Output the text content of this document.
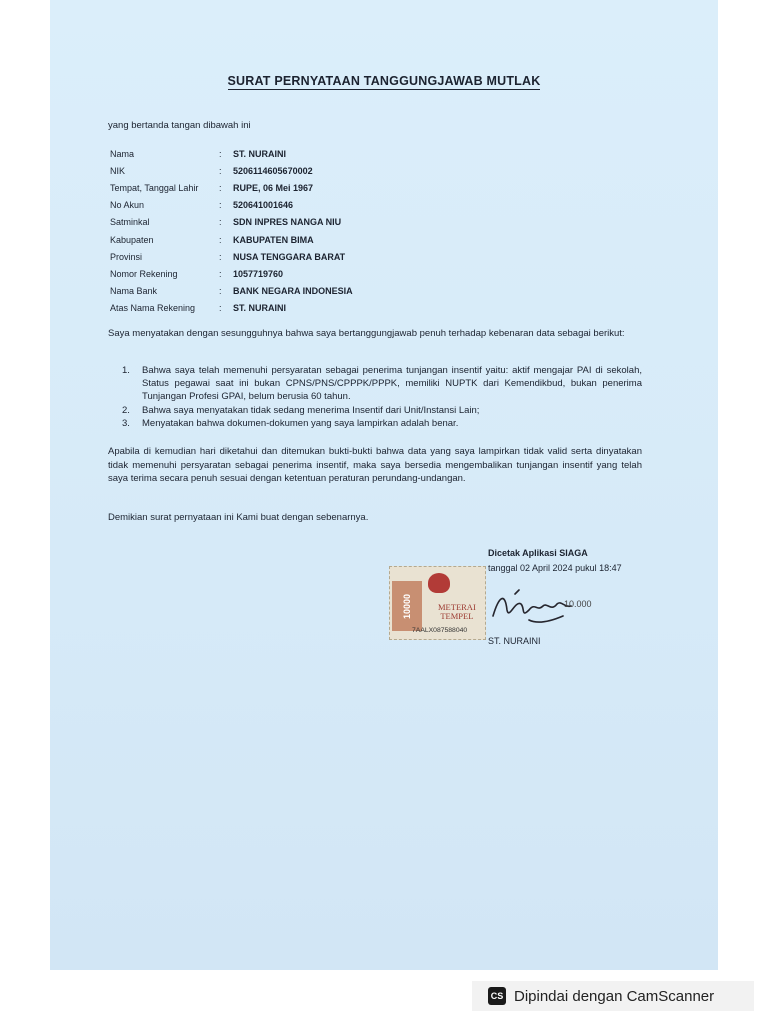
SURAT PERNYATAAN TANGGUNGJAWAB MUTLAK
yang bertanda tangan dibawah ini
Nama	:	ST. NURAINI
NIK	:	5206114605670002
Tempat, Tanggal Lahir	:	RUPE, 06 Mei 1967
No Akun	:	520641001646
Satminkal	:	SDN INPRES NANGA NIU
Kabupaten	:	KABUPATEN BIMA
Provinsi	:	NUSA TENGGARA BARAT
Nomor Rekening	:	1057719760
Nama Bank	:	BANK NEGARA INDONESIA
Atas Nama Rekening	:	ST. NURAINI
Saya menyatakan dengan sesungguhnya bahwa saya bertanggungjawab penuh terhadap kebenaran data sebagai berikut:
1.	Bahwa saya telah memenuhi persyaratan sebagai penerima tunjangan insentif yaitu: aktif mengajar PAI di sekolah, Status pegawai saat ini bukan CPNS/PNS/CPPPK/PPPK, memiliki NUPTK dari Kemendikbud, bukan penerima Tunjangan Profesi GPAI, belum berusia 60 tahun.
2.	Bahwa saya menyatakan tidak sedang menerima Insentif dari Unit/Instansi Lain;
3.	Menyatakan bahwa dokumen-dokumen yang saya lampirkan adalah benar.
Apabila di kemudian hari diketahui dan ditemukan bukti-bukti bahwa data yang saya lampirkan tidak valid serta dinyatakan tidak memenuhi persyaratan sebagai penerima insentif, maka saya bersedia mengembalikan tunjangan insentif yang telah saya terima secara penuh sesuai dengan ketentuan peraturan perundang-undangan.
Demikian surat pernyataan ini Kami buat dengan sebenarnya.
Dicetak Aplikasi SIAGA
tanggal 02 April 2024 pukul 18:47
10000	METERAI
TEMPEL
7AALX087588040
10.000
ST. NURAINI
CS Dipindai dengan CamScanner
